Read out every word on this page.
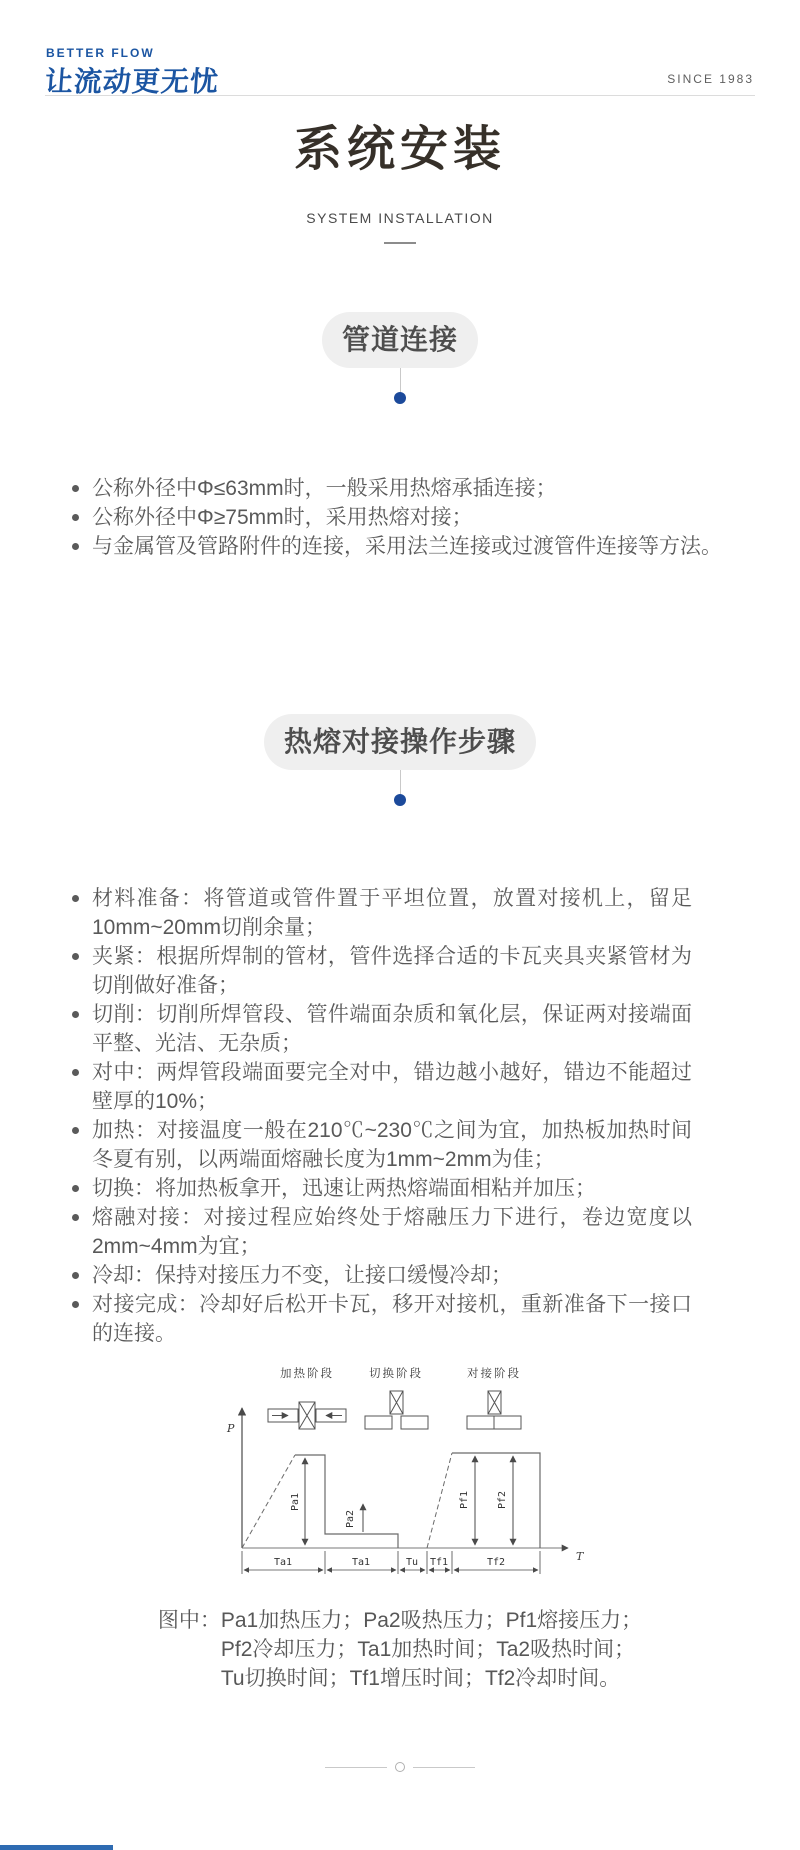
BETTER FLOW
让流动更无忧	SINCE 1983
系统安装
SYSTEM INSTALLATION
管道连接
公称外径中Φ≤63mm时，一般采用热熔承插连接；
公称外径中Φ≥75mm时，采用热熔对接；
与金属管及管路附件的连接，采用法兰连接或过渡管件连接等方法。
热熔对接操作步骤
材料准备：将管道或管件置于平坦位置，放置对接机上，留足10mm~20mm切削余量；
夹紧：根据所焊制的管材，管件选择合适的卡瓦夹具夹紧管材为切削做好准备；
切削：切削所焊管段、管件端面杂质和氧化层，保证两对接端面平整、光洁、无杂质；
对中：两焊管段端面要完全对中，错边越小越好，错边不能超过壁厚的10%；
加热：对接温度一般在210℃~230℃之间为宜，加热板加热时间冬夏有别，以两端面熔融长度为1mm~2mm为佳；
切换：将加热板拿开，迅速让两热熔端面相粘并加压；
熔融对接：对接过程应始终处于熔融压力下进行，卷边宽度以2mm~4mm为宜；
冷却：保持对接压力不变，让接口缓慢冷却；
对接完成：冷却好后松开卡瓦，移开对接机，重新准备下一接口的连接。
加热阶段	切换阶段	对接阶段
P
T
Pa1
Pa2
Pf1	Pf2
Ta1	Ta1	Tu Tf1	Tf2
图中：Pa1加热压力；Pa2吸热压力；Pf1熔接压力；
Pf2冷却压力；Ta1加热时间；Ta2吸热时间；
Tu切换时间；Tf1增压时间；Tf2冷却时间。
